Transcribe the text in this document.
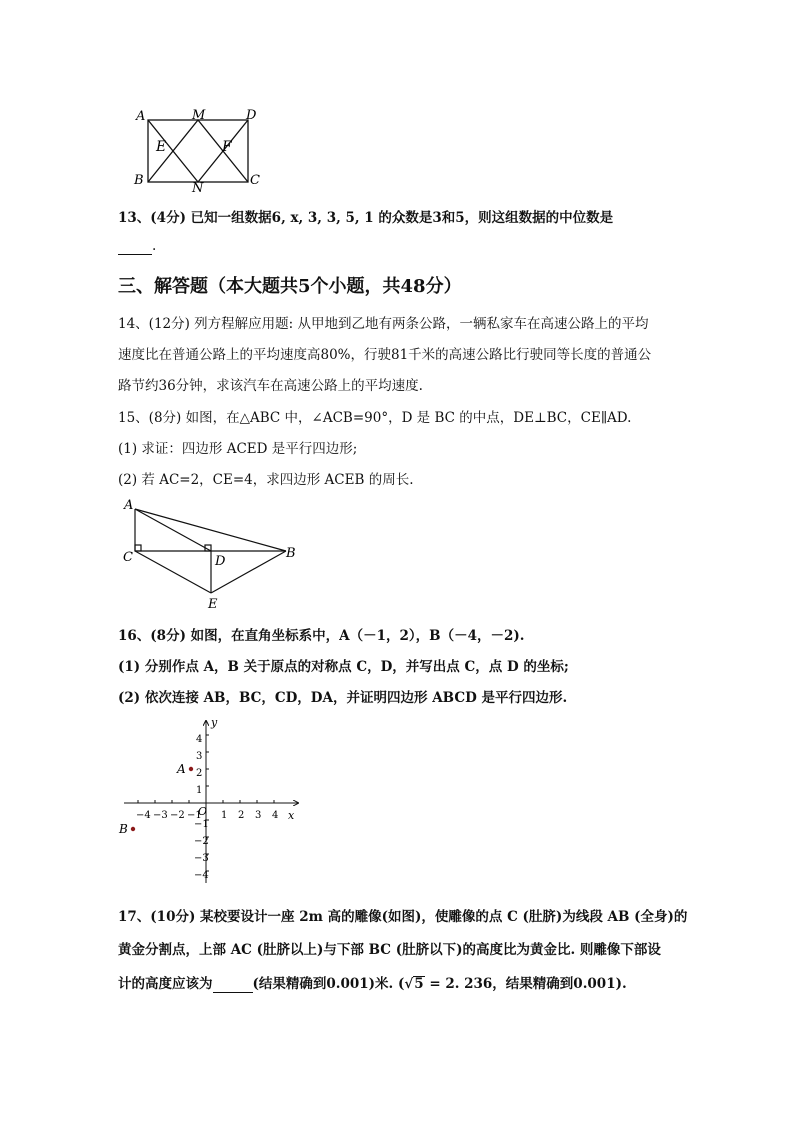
A	M	D
E	F
B
N
C
13、(4分) 已知一组数据6, x, 3, 3, 5, 1 的众数是3和5，则这组数据的中位数是
.
三、解答题（本大题共5个小题，共48分）
14、(12分) 列方程解应用题: 从甲地到乙地有两条公路，一辆私家车在高速公路上的平均
速度比在普通公路上的平均速度高80%，行驶81千米的高速公路比行驶同等长度的普通公
路节约36分钟，求该汽车在高速公路上的平均速度.
15、(8分) 如图，在△ABC 中，∠ACB=90°，D 是 BC 的中点，DE⊥BC，CE∥AD.
(1) 求证：四边形 ACED 是平行四边形;
(2) 若 AC=2，CE=4，求四边形 ACEB 的周长.
A
C	D
B
E
16、(8分) 如图，在直角坐标系中，A（－1，2），B（－4，－2).
(1) 分别作点 A，B 关于原点的对称点 C，D，并写出点 C，点 D 的坐标;
(2) 依次连接 AB，BC，CD，DA，并证明四边形 ABCD 是平行四边形.
−4 −3 −2 −1 1 2 3 4
4
3
2
1
−1
−2
−3
−4
x
y
O
A
B
17、(10分) 某校要设计一座 2m 高的雕像(如图)，使雕像的点 C (肚脐)为线段 AB (全身)的
黄金分割点，上部 AC (肚脐以上)与下部 BC (肚脐以下)的高度比为黄金比. 则雕像下部设
计的高度应该为	(结果精确到0.001)米. (√5 = 2. 236，结果精确到0.001).
